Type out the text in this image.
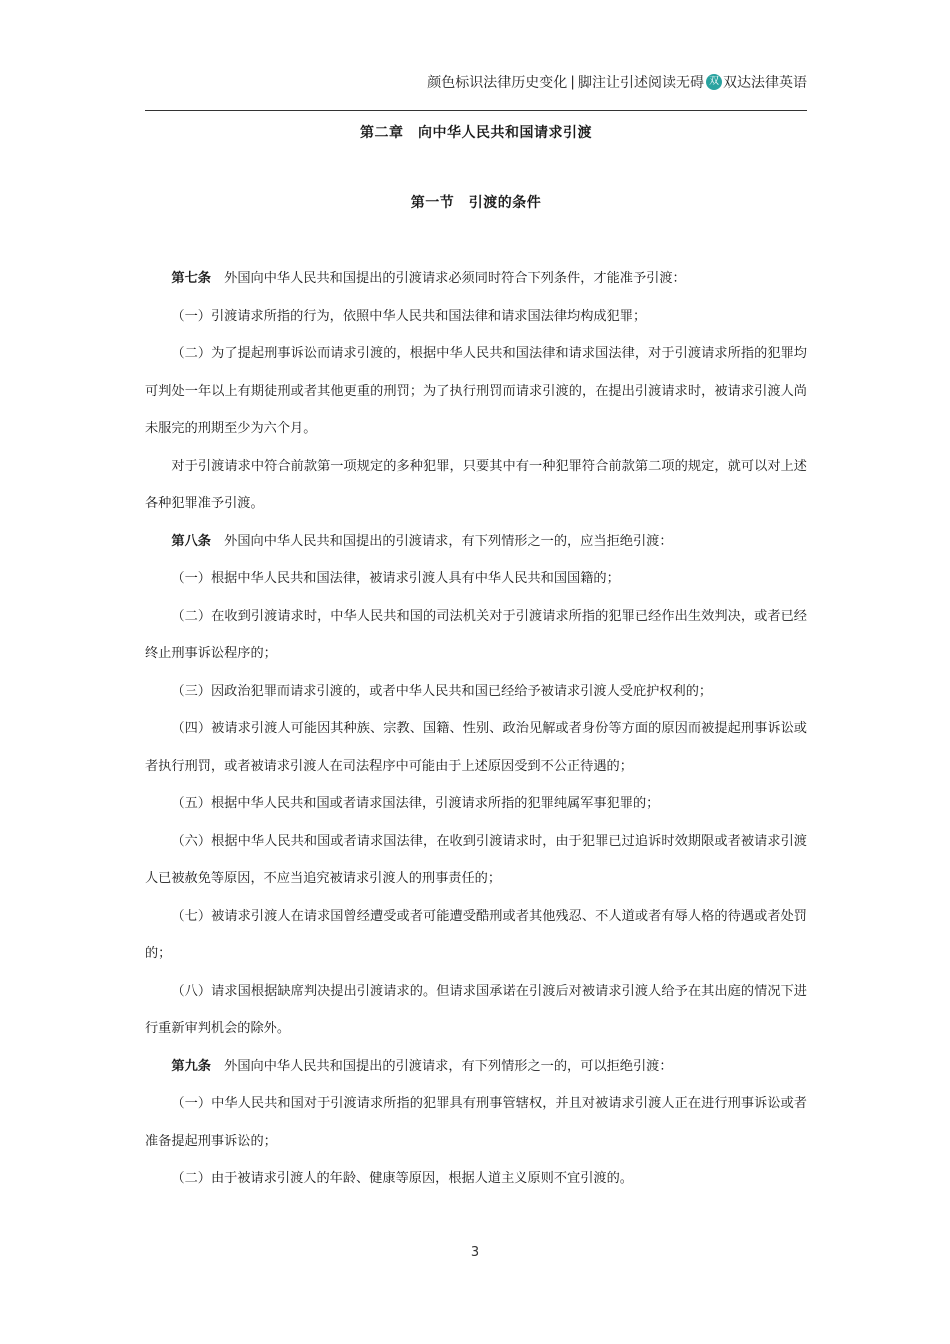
颜色标识法律历史变化 | 脚注让引述阅读无碍 双 双达法律英语
第二章　向中华人民共和国请求引渡
第一节　引渡的条件

第七条 外国向中华人民共和国提出的引渡请求必须同时符合下列条件，才能准予引渡：

（一）引渡请求所指的行为，依照中华人民共和国法律和请求国法律均构成犯罪；

（二）为了提起刑事诉讼而请求引渡的，根据中华人民共和国法律和请求国法律，对于引渡请求所指的犯罪均可判处一年以上有期徒刑或者其他更重的刑罚；为了执行刑罚而请求引渡的，在提出引渡请求时，被请求引渡人尚未服完的刑期至少为六个月。

对于引渡请求中符合前款第一项规定的多种犯罪，只要其中有一种犯罪符合前款第二项的规定，就可以对上述各种犯罪准予引渡。

第八条 外国向中华人民共和国提出的引渡请求，有下列情形之一的，应当拒绝引渡：

（一）根据中华人民共和国法律，被请求引渡人具有中华人民共和国国籍的；

（二）在收到引渡请求时，中华人民共和国的司法机关对于引渡请求所指的犯罪已经作出生效判决，或者已经终止刑事诉讼程序的；

（三）因政治犯罪而请求引渡的，或者中华人民共和国已经给予被请求引渡人受庇护权利的；

（四）被请求引渡人可能因其种族、宗教、国籍、性别、政治见解或者身份等方面的原因而被提起刑事诉讼或者执行刑罚，或者被请求引渡人在司法程序中可能由于上述原因受到不公正待遇的；

（五）根据中华人民共和国或者请求国法律，引渡请求所指的犯罪纯属军事犯罪的；

（六）根据中华人民共和国或者请求国法律，在收到引渡请求时，由于犯罪已过追诉时效期限或者被请求引渡人已被赦免等原因，不应当追究被请求引渡人的刑事责任的；

（七）被请求引渡人在请求国曾经遭受或者可能遭受酷刑或者其他残忍、不人道或者有辱人格的待遇或者处罚的；

（八）请求国根据缺席判决提出引渡请求的。但请求国承诺在引渡后对被请求引渡人给予在其出庭的情况下进行重新审判机会的除外。

第九条 外国向中华人民共和国提出的引渡请求，有下列情形之一的，可以拒绝引渡：

（一）中华人民共和国对于引渡请求所指的犯罪具有刑事管辖权，并且对被请求引渡人正在进行刑事诉讼或者准备提起刑事诉讼的；

（二）由于被请求引渡人的年龄、健康等原因，根据人道主义原则不宜引渡的。

3
